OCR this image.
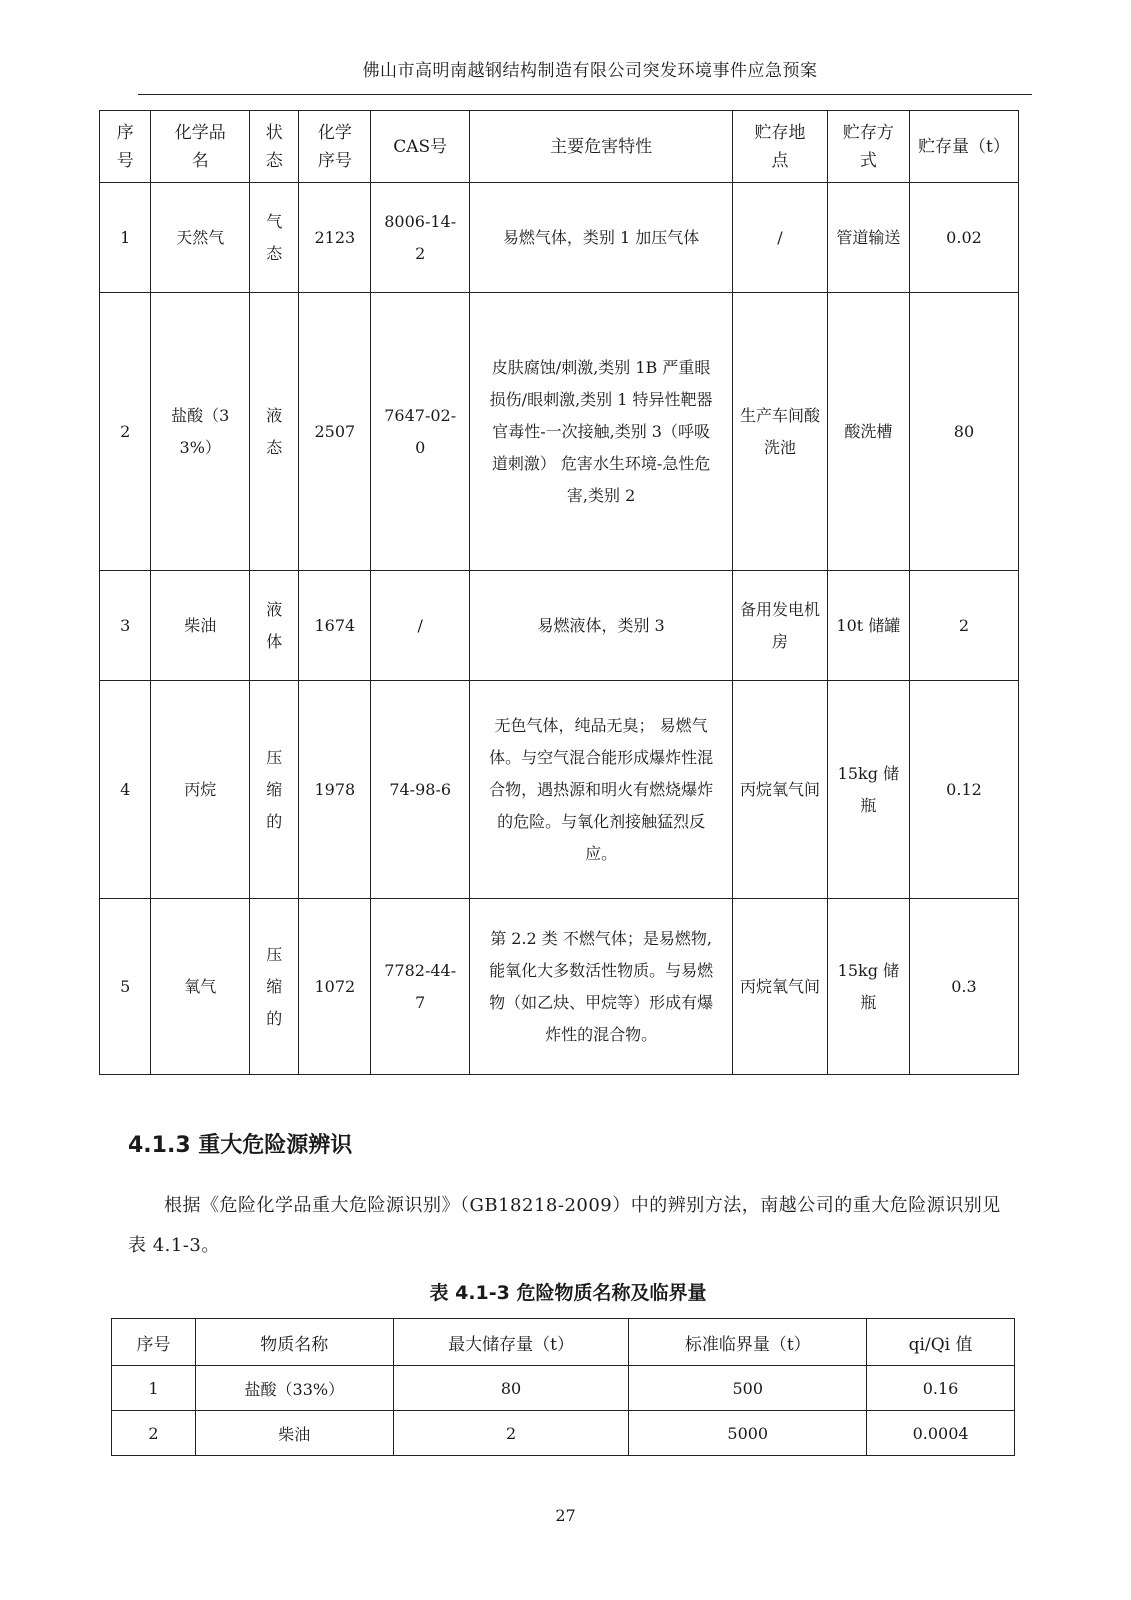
佛山市高明南越钢结构制造有限公司突发环境事件应急预案
序号	化学品名	状态	化学序号	CAS号	主要危害特性	贮存地点	贮存方式	贮存量（t）
1	天然气	气态	2123	8006-14-2	易燃气体，类别 1 加压气体	/	管道输送	0.02
2	盐酸（33%）	液态	2507	7647-02-0	皮肤腐蚀/刺激,类别 1B 严重眼损伤/眼刺激,类别 1 特异性靶器官毒性-一次接触,类别 3（呼吸道刺激） 危害水生环境-急性危害,类别 2	生产车间酸洗池	酸洗槽	80
3	柴油	液体	1674	/	易燃液体，类别 3	备用发电机房	10t 储罐	2
4	丙烷	压缩的	1978	74-98-6	无色气体，纯品无臭； 易燃气体。与空气混合能形成爆炸性混合物，遇热源和明火有燃烧爆炸的危险。与氧化剂接触猛烈反应。	丙烷氧气间	15kg 储瓶	0.12
5	氧气	压缩的	1072	7782-44-7	第 2.2 类 不燃气体；是易燃物,能氧化大多数活性物质。与易燃物（如乙炔、甲烷等）形成有爆炸性的混合物。	丙烷氧气间	15kg 储瓶	0.3
4.1.3 重大危险源辨识
根据《危险化学品重大危险源识别》（GB18218-2009）中的辨别方法，南越公司的重大危险源识别见表 4.1-3。
表 4.1-3 危险物质名称及临界量
序号	物质名称	最大储存量（t）	标准临界量（t）	qi/Qi 值
1	盐酸（33%）	80	500	0.16
2	柴油	2	5000	0.0004
27
